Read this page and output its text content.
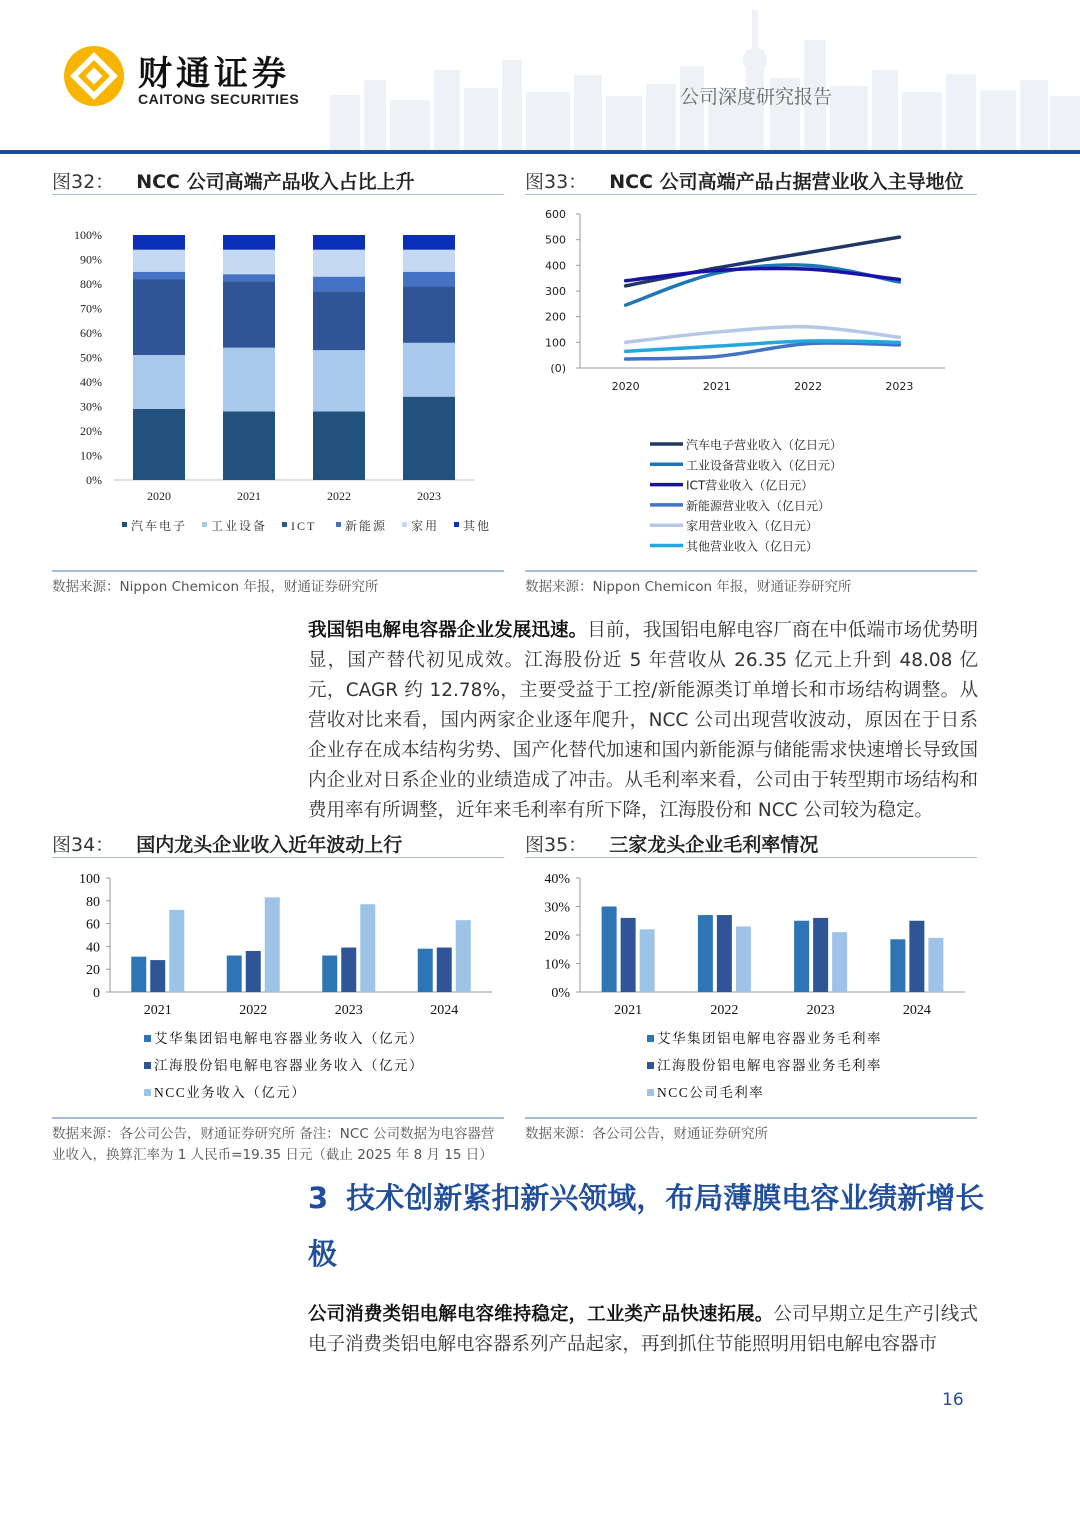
财通证券
CAITONG SECURITIES	公司深度研究报告
图32： NCC 公司高端产品收入占比上升
0%
10%
20%
30%
40%
50%
60%
70%
80%
90%
100%
2020	2021	2022	2023
汽车电子 工业设备 ICT 新能源 家用 其他
数据来源：Nippon Chemicon 年报，财通证券研究所
图33： NCC 公司高端产品占据营业收入主导地位
(0)
100
200
300
400
500
600
2020	2021	2022	2023
汽车电子营业收入（亿日元）
工业设备营业收入（亿日元）
ICT营业收入（亿日元）
新能源营业收入（亿日元）
家用营业收入（亿日元）
其他营业收入（亿日元）
数据来源：Nippon Chemicon 年报，财通证券研究所
我国铝电解电容器企业发展迅速。目前，我国铝电解电容厂商在中低端市场优势明显，国产替代初见成效。江海股份近 5 年营收从 26.35 亿元上升到 48.08 亿元，CAGR 约 12.78%，主要受益于工控/新能源类订单增长和市场结构调整。从营收对比来看，国内两家企业逐年爬升，NCC 公司出现营收波动，原因在于日系企业存在成本结构劣势、国产化替代加速和国内新能源与储能需求快速增长导致国内企业对日系企业的业绩造成了冲击。从毛利率来看，公司由于转型期市场结构和费用率有所调整，近年来毛利率有所下降，江海股份和 NCC 公司较为稳定。
图34： 国内龙头企业收入近年波动上行
0
20
40
60
80
100
2021	2022	2023	2024
艾华集团铝电解电容器业务收入（亿元）
江海股份铝电解电容器业务收入（亿元）
NCC业务收入（亿元）
数据来源：各公司公告，财通证券研究所 备注：NCC 公司数据为电容器营业收入，换算汇率为 1 人民币=19.35 日元（截止 2025 年 8 月 15 日）
图35： 三家龙头企业毛利率情况
0%
10%
20%
30%
40%
2021	2022	2023	2024
艾华集团铝电解电容器业务毛利率
江海股份铝电解电容器业务毛利率
NCC公司毛利率
数据来源：各公司公告，财通证券研究所
3 技术创新紧扣新兴领域，布局薄膜电容业绩新增长极
公司消费类铝电解电容维持稳定，工业类产品快速拓展。公司早期立足生产引线式电子消费类铝电解电容器系列产品起家，再到抓住节能照明用铝电解电容器市
16
